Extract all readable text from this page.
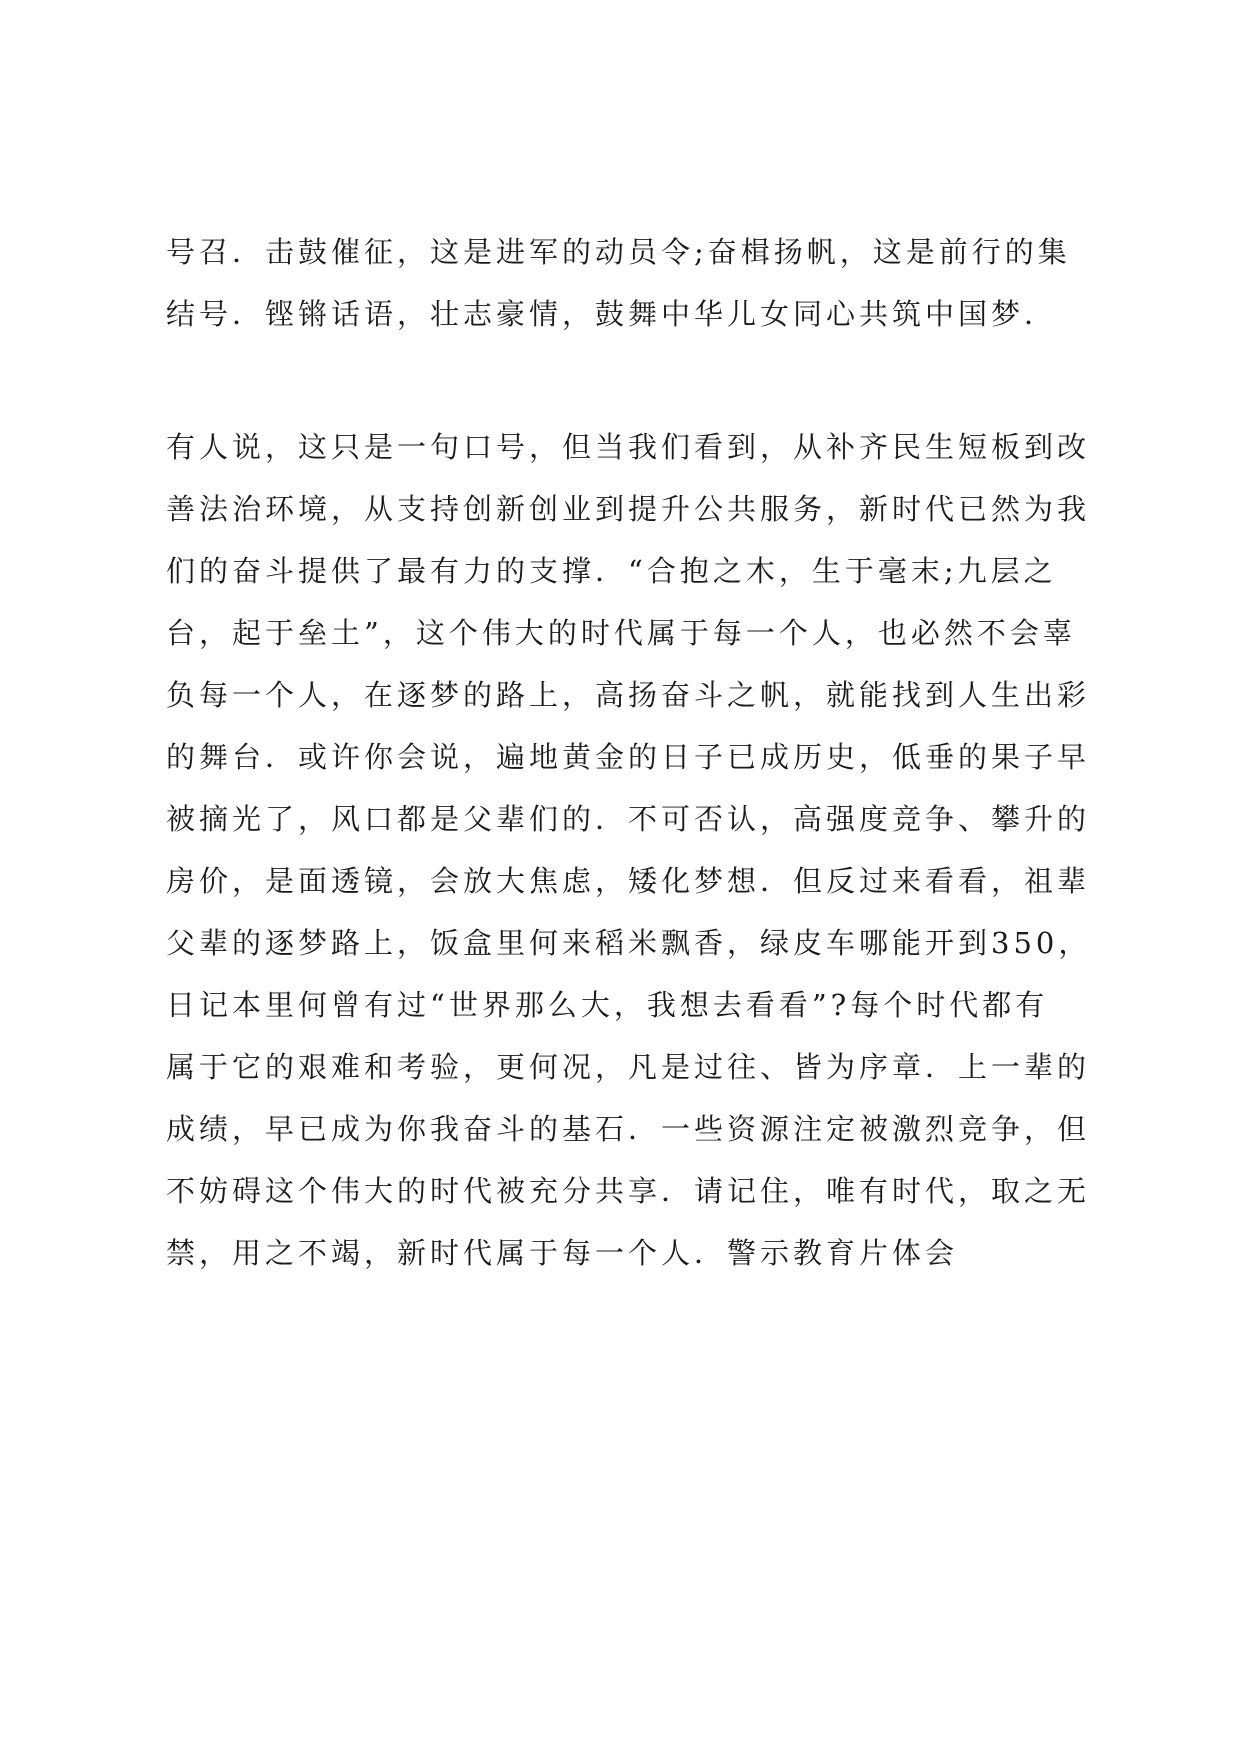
号召．击鼓催征，这是进军的动员令;奋楫扬帆，这是前行的集
结号．铿锵话语，壮志豪情，鼓舞中华儿女同心共筑中国梦．
有人说，这只是一句口号，但当我们看到，从补齐民生短板到改
善法治环境，从支持创新创业到提升公共服务，新时代已然为我
们的奋斗提供了最有力的支撑．“合抱之木，生于毫末;九层之
台，起于垒土”，这个伟大的时代属于每一个人，也必然不会辜
负每一个人，在逐梦的路上，高扬奋斗之帆，就能找到人生出彩
的舞台．或许你会说，遍地黄金的日子已成历史，低垂的果子早
被摘光了，风口都是父辈们的．不可否认，高强度竞争、攀升的
房价，是面透镜，会放大焦虑，矮化梦想．但反过来看看，祖辈
父辈的逐梦路上，饭盒里何来稻米飘香，绿皮车哪能开到350，
日记本里何曾有过“世界那么大，我想去看看”?每个时代都有
属于它的艰难和考验，更何况，凡是过往、皆为序章．上一辈的
成绩，早已成为你我奋斗的基石．一些资源注定被激烈竞争，但
不妨碍这个伟大的时代被充分共享．请记住，唯有时代，取之无
禁，用之不竭，新时代属于每一个人．警示教育片体会
